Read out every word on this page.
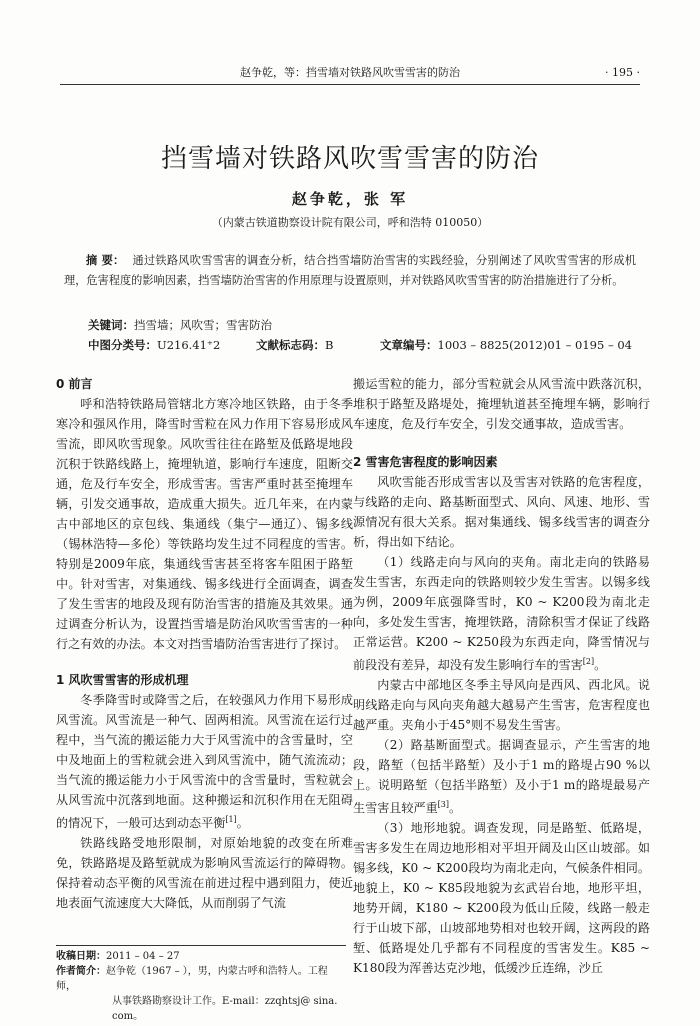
赵争乾，等：挡雪墙对铁路风吹雪雪害的防治	· 195 ·
挡雪墙对铁路风吹雪雪害的防治
赵争乾，张 军
（内蒙古铁道勘察设计院有限公司，呼和浩特 010050）
摘 要： 通过铁路风吹雪雪害的调查分析，结合挡雪墙防治雪害的实践经验，分别阐述了风吹雪雪害的形成机理，危害程度的影响因素，挡雪墙防治雪害的作用原理与设置原则，并对铁路风吹雪雪害的防治措施进行了分析。
关键词：挡雪墙；风吹雪；雪害防治
中图分类号：U216.41⁺2	文献标志码：B	文章编号：1003 – 8825(2012)01 – 0195 – 04
0 前言

呼和浩特铁路局管辖北方寒冷地区铁路，由于冬季寒冷和强风作用，降雪时雪粒在风力作用下容易形成风雪流，即风吹雪现象。风吹雪往往在路堑及低路堤地段沉积于铁路线路上，掩埋轨道，影响行车速度，阻断交通，危及行车安全，形成雪害。雪害严重时甚至掩埋车辆，引发交通事故，造成重大损失。近几年来，在内蒙古中部地区的京包线、集通线（集宁—通辽）、锡多线（锡林浩特—多伦）等铁路均发生过不同程度的雪害。特别是2009年底，集通线雪害甚至将客车阻困于路堑中。针对雪害，对集通线、锡多线进行全面调查，调查了发生雪害的地段及现有防治雪害的措施及其效果。通过调查分析认为，设置挡雪墙是防治风吹雪雪害的一种行之有效的办法。本文对挡雪墙防治雪害进行了探讨。

1 风吹雪雪害的形成机理

冬季降雪时或降雪之后，在较强风力作用下易形成风雪流。风雪流是一种气、固两相流。风雪流在运行过程中，当气流的搬运能力大于风雪流中的含雪量时，空中及地面上的雪粒就会进入到风雪流中，随气流流动；当气流的搬运能力小于风雪流中的含雪量时，雪粒就会从风雪流中沉落到地面。这种搬运和沉积作用在无阻碍的情况下，一般可达到动态平衡[1]。

铁路线路受地形限制，对原始地貌的改变在所难免，铁路路堤及路堑就成为影响风雪流运行的障碍物。保持着动态平衡的风雪流在前进过程中遇到阻力，使近地表面气流速度大大降低，从而削弱了气流

搬运雪粒的能力，部分雪粒就会从风雪流中跌落沉积，堆积于路堑及路堤处，掩埋轨道甚至掩埋车辆，影响行车速度，危及行车安全，引发交通事故，造成雪害。

2 雪害危害程度的影响因素

风吹雪能否形成雪害以及雪害对铁路的危害程度，与线路的走向、路基断面型式、风向、风速、地形、雪源情况有很大关系。据对集通线、锡多线雪害的调查分析，得出如下结论。

（1）线路走向与风向的夹角。南北走向的铁路易发生雪害，东西走向的铁路则较少发生雪害。以锡多线为例，2009年底强降雪时，K0 ~ K200段为南北走向，多处发生雪害，掩埋铁路，清除积雪才保证了线路正常运营。K200 ~ K250段为东西走向，降雪情况与前段没有差异，却没有发生影响行车的雪害[2]。

内蒙古中部地区冬季主导风向是西风、西北风。说明线路走向与风向夹角越大越易产生雪害，危害程度也越严重。夹角小于45°则不易发生雪害。

（2）路基断面型式。据调查显示，产生雪害的地段，路堑（包括半路堑）及小于1 m的路堤占90 %以上。说明路堑（包括半路堑）及小于1 m的路堤最易产生雪害且较严重[3]。

（3）地形地貌。调查发现，同是路堑、低路堤，雪害多发生在周边地形相对平坦开阔及山区山坡部。如锡多线，K0 ~ K200段均为南北走向，气候条件相同。地貌上，K0 ~ K85段地貌为玄武岩台地，地形平坦，地势开阔，K180 ~ K200段为低山丘陵，线路一般走行于山坡下部，山坡部地势相对也较开阔，这两段的路堑、低路堤处几乎都有不同程度的雪害发生。K85 ~ K180段为浑善达克沙地，低缓沙丘连绵，沙丘

收稿日期：2011 – 04 – 27
作者简介：赵争乾（1967 – ），男，内蒙古呼和浩特人。工程师，
从事铁路勘察设计工作。E-mail：zzqhtsj@ sina. com。
